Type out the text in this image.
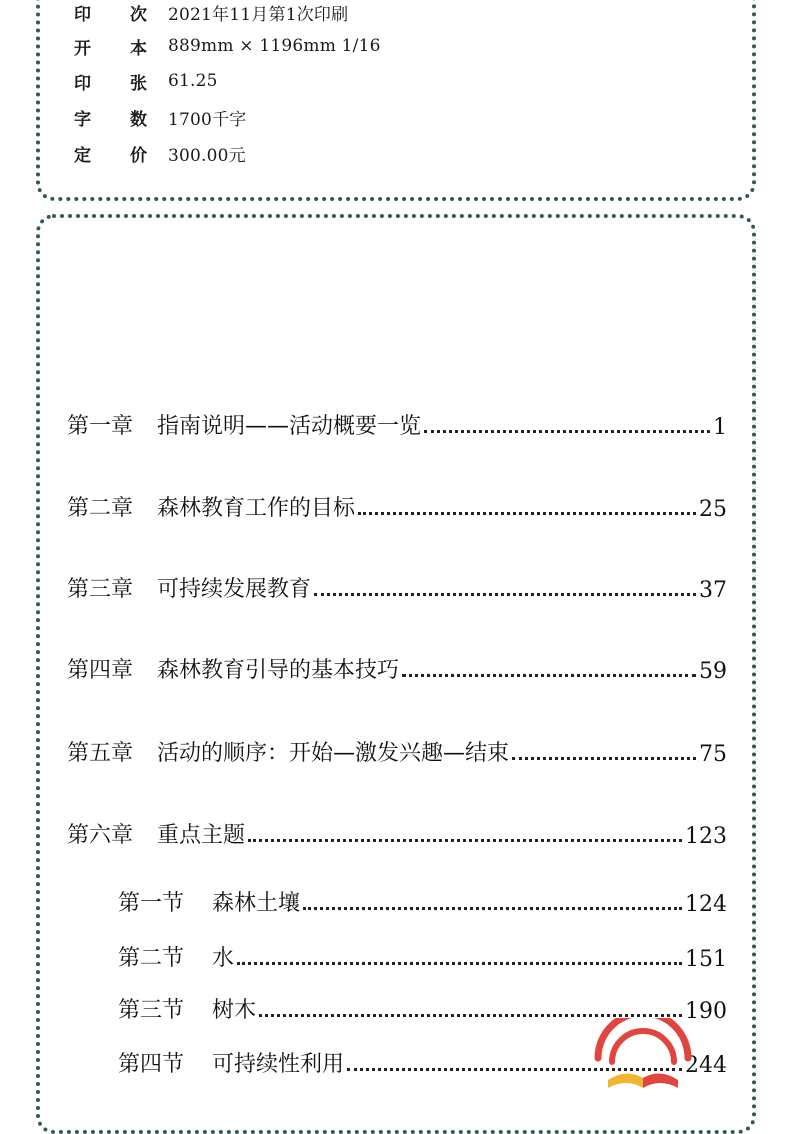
印	次	2021年11月第1次印刷
开	本	889mm × 1196mm 1/16
印	张	61.25
字	数	1700千字
定	价	300.00元
第一章 指南说明——活动概要一览	1
第二章 森林教育工作的目标	25
第三章 可持续发展教育	37
第四章 森林教育引导的基本技巧	59
第五章 活动的顺序：开始—激发兴趣—结束	75
第六章 重点主题	123
第一节 森林土壤	124
第二节 水	151
第三节 树木	190
第四节 可持续性利用	244
